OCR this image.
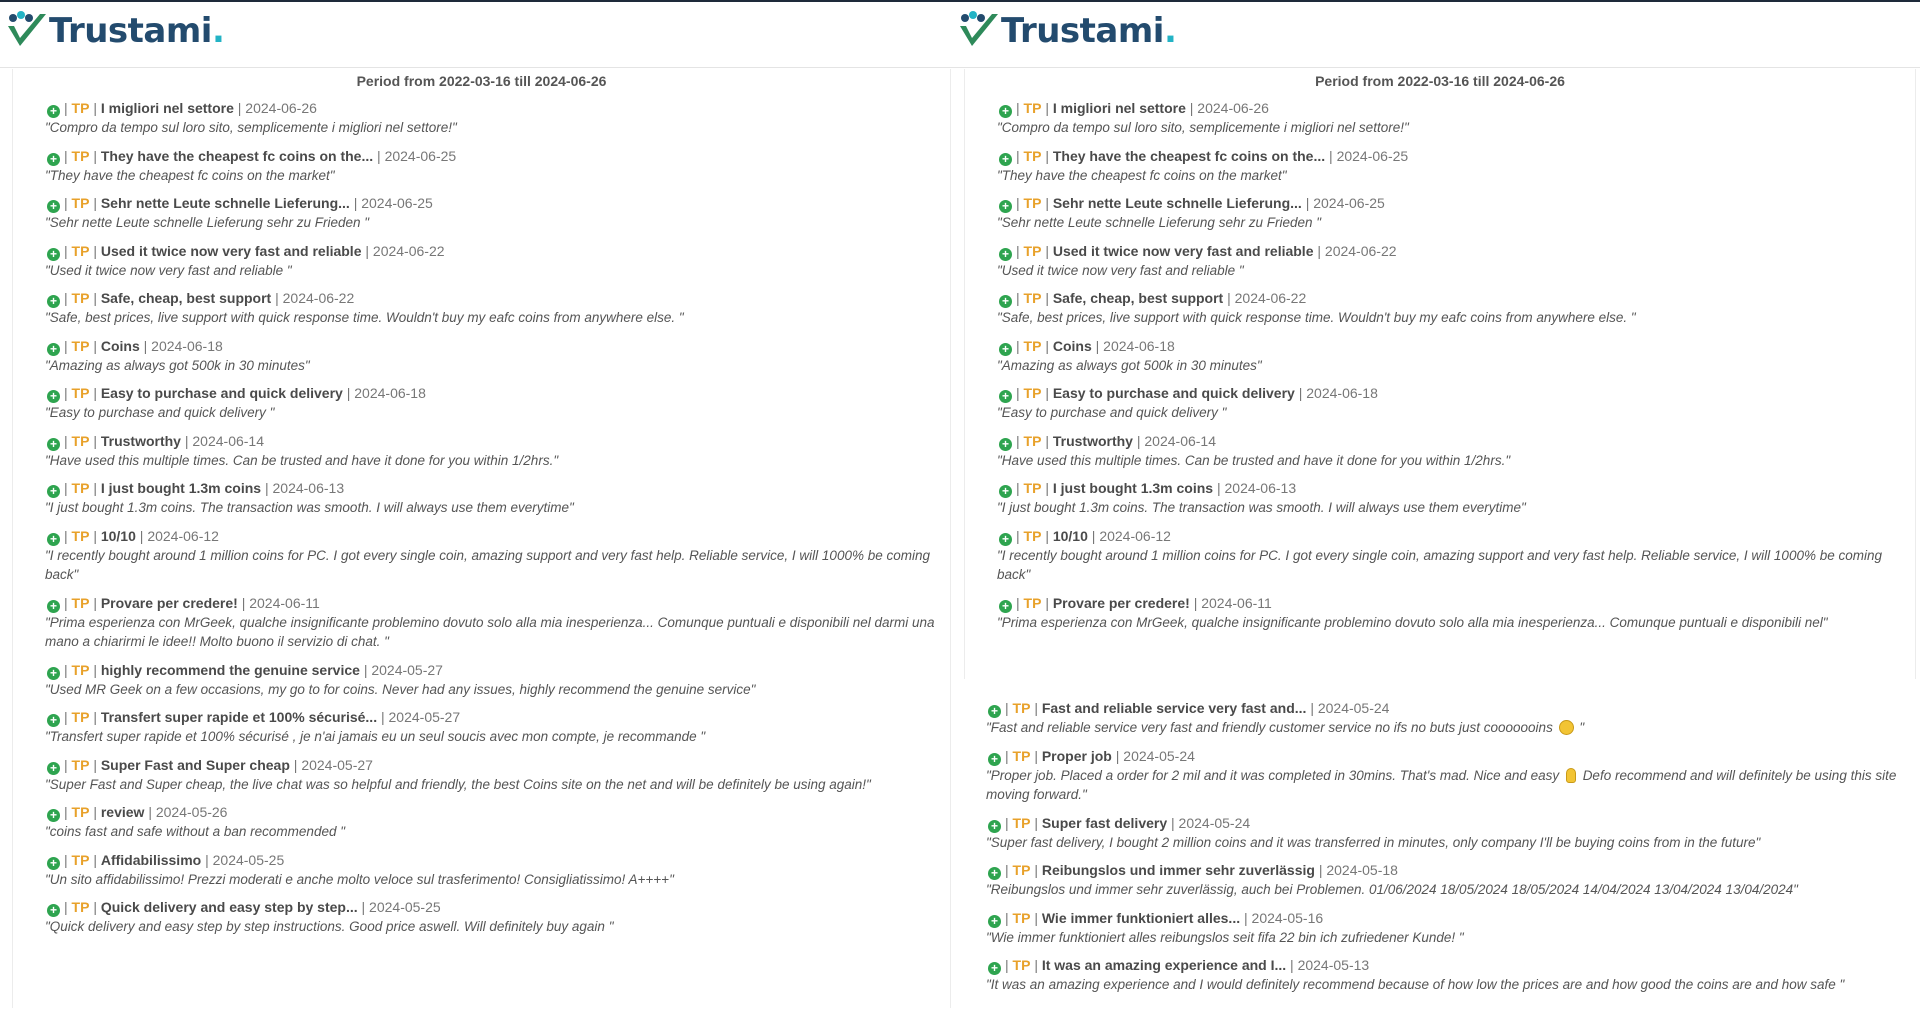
Trustami.
Period from 2022-03-16 till 2024-06-26
+ | TP | I migliori nel settore | 2024-06-26
"Compro da tempo sul loro sito, semplicemente i migliori nel settore!"
+ | TP | They have the cheapest fc coins on the... | 2024-06-25
"They have the cheapest fc coins on the market"
+ | TP | Sehr nette Leute schnelle Lieferung... | 2024-06-25
"Sehr nette Leute schnelle Lieferung sehr zu Frieden "
+ | TP | Used it twice now very fast and reliable | 2024-06-22
"Used it twice now very fast and reliable "
+ | TP | Safe, cheap, best support | 2024-06-22
"Safe, best prices, live support with quick response time. Wouldn't buy my eafc coins from anywhere else. "
+ | TP | Coins | 2024-06-18
"Amazing as always got 500k in 30 minutes"
+ | TP | Easy to purchase and quick delivery | 2024-06-18
"Easy to purchase and quick delivery "
+ | TP | Trustworthy | 2024-06-14
"Have used this multiple times. Can be trusted and have it done for you within 1/2hrs."
+ | TP | I just bought 1.3m coins | 2024-06-13
"I just bought 1.3m coins. The transaction was smooth. I will always use them everytime"
+ | TP | 10/10 | 2024-06-12
"I recently bought around 1 million coins for PC. I got every single coin, amazing support and very fast help. Reliable service, I will 1000% be coming back"
+ | TP | Provare per credere! | 2024-06-11
"Prima esperienza con MrGeek, qualche insignificante problemino dovuto solo alla mia inesperienza... Comunque puntuali e disponibili nel darmi una mano a chiarirmi le idee!! Molto buono il servizio di chat. "
+ | TP | highly recommend the genuine service | 2024-05-27
"Used MR Geek on a few occasions, my go to for coins. Never had any issues, highly recommend the genuine service"
+ | TP | Transfert super rapide et 100% sécurisé... | 2024-05-27
"Transfert super rapide et 100% sécurisé , je n'ai jamais eu un seul soucis avec mon compte, je recommande "
+ | TP | Super Fast and Super cheap | 2024-05-27
"Super Fast and Super cheap, the live chat was so helpful and friendly, the best Coins site on the net and will be definitely be using again!"
+ | TP | review | 2024-05-26
"coins fast and safe without a ban recommended "
+ | TP | Affidabilissimo | 2024-05-25
"Un sito affidabilissimo! Prezzi moderati e anche molto veloce sul trasferimento! Consigliatissimo! A++++"
+ | TP | Quick delivery and easy step by step... | 2024-05-25
"Quick delivery and easy step by step instructions. Good price aswell. Will definitely buy again "
Trustami.
Period from 2022-03-16 till 2024-06-26
+ | TP | I migliori nel settore | 2024-06-26
"Compro da tempo sul loro sito, semplicemente i migliori nel settore!"
+ | TP | They have the cheapest fc coins on the... | 2024-06-25
"They have the cheapest fc coins on the market"
+ | TP | Sehr nette Leute schnelle Lieferung... | 2024-06-25
"Sehr nette Leute schnelle Lieferung sehr zu Frieden "
+ | TP | Used it twice now very fast and reliable | 2024-06-22
"Used it twice now very fast and reliable "
+ | TP | Safe, cheap, best support | 2024-06-22
"Safe, best prices, live support with quick response time. Wouldn't buy my eafc coins from anywhere else. "
+ | TP | Coins | 2024-06-18
"Amazing as always got 500k in 30 minutes"
+ | TP | Easy to purchase and quick delivery | 2024-06-18
"Easy to purchase and quick delivery "
+ | TP | Trustworthy | 2024-06-14
"Have used this multiple times. Can be trusted and have it done for you within 1/2hrs."
+ | TP | I just bought 1.3m coins | 2024-06-13
"I just bought 1.3m coins. The transaction was smooth. I will always use them everytime"
+ | TP | 10/10 | 2024-06-12
"I recently bought around 1 million coins for PC. I got every single coin, amazing support and very fast help. Reliable service, I will 1000% be coming back"
+ | TP | Provare per credere! | 2024-06-11
"Prima esperienza con MrGeek, qualche insignificante problemino dovuto solo alla mia inesperienza... Comunque puntuali e disponibili nel"
+ | TP | Fast and reliable service very fast and... | 2024-05-24
"Fast and reliable service very fast and friendly customer service no ifs no buts just cooooooins "
+ | TP | Proper job | 2024-05-24
"Proper job. Placed a order for 2 mil and it was completed in 30mins. That's mad. Nice and easy Defo recommend and will definitely be using this site moving forward."
+ | TP | Super fast delivery | 2024-05-24
"Super fast delivery, I bought 2 million coins and it was transferred in minutes, only company I'll be buying coins from in the future"
+ | TP | Reibungslos und immer sehr zuverlässig | 2024-05-18
"Reibungslos und immer sehr zuverlässig, auch bei Problemen. 01/06/2024 18/05/2024 18/05/2024 14/04/2024 13/04/2024 13/04/2024"
+ | TP | Wie immer funktioniert alles... | 2024-05-16
"Wie immer funktioniert alles reibungslos seit fifa 22 bin ich zufriedener Kunde! "
+ | TP | It was an amazing experience and I... | 2024-05-13
"It was an amazing experience and I would definitely recommend because of how low the prices are and how good the coins are and how safe "
